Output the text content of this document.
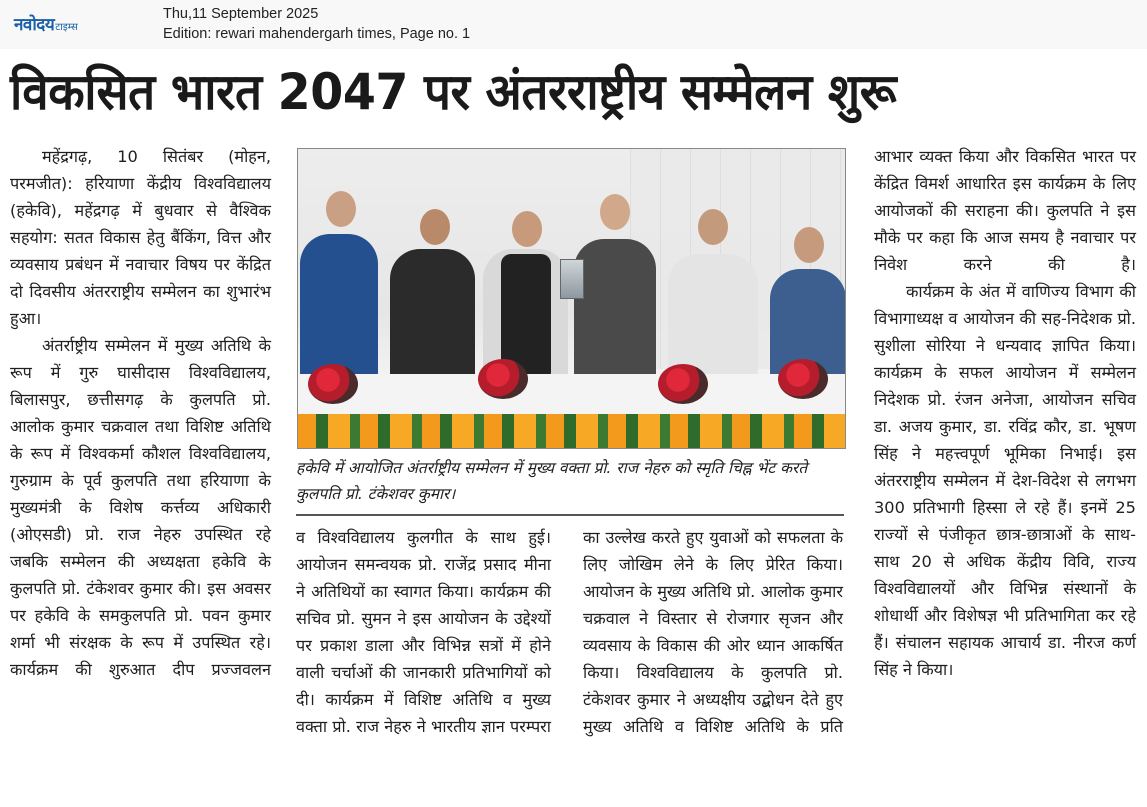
नवोदय टाइम्स
Thu,11 September 2025
Edition: rewari mahendergarh times, Page no. 1
विकसित भारत 2047 पर अंतरराष्ट्रीय सम्मेलन शुरू

महेंद्रगढ़, 10 सितंबर (मोहन, परमजीत): हरियाणा केंद्रीय विश्वविद्यालय (हकेवि), महेंद्रगढ़ में बुधवार से वैश्विक सहयोग: सतत विकास हेतु बैंकिंग, वित्त और व्यवसाय प्रबंधन में नवाचार विषय पर केंद्रित दो दिवसीय अंतरराष्ट्रीय सम्मेलन का शुभारंभ हुआ।

अंतर्राष्ट्रीय सम्मेलन में मुख्य अतिथि के रूप में गुरु घासीदास विश्वविद्यालय, बिलासपुर, छत्तीसगढ़ के कुलपति प्रो. आलोक कुमार चक्रवाल तथा विशिष्ट अतिथि के रूप में विश्वकर्मा कौशल विश्वविद्यालय, गुरुग्राम के पूर्व कुलपति तथा हरियाणा के मुख्यमंत्री के विशेष कर्त्तव्य अधिकारी (ओएसडी) प्रो. राज नेहरु उपस्थित रहे जबकि सम्मेलन की अध्यक्षता हकेवि के कुलपति प्रो. टंकेशवर कुमार की। इस अवसर पर हकेवि के समकुलपति प्रो. पवन कुमार शर्मा भी संरक्षक के रूप में उपस्थित रहे।

कार्यक्रम की शुरुआत दीप प्रज्जवलन

हकेवि में आयोजित अंतर्राष्ट्रीय सम्मेलन में मुख्य वक्ता प्रो. राज नेहरु को स्मृति चिह्न भेंट करते कुलपति प्रो. टंकेशवर कुमार।

व विश्वविद्यालय कुलगीत के साथ हुई। आयोजन समन्वयक प्रो. राजेंद्र प्रसाद मीना ने अतिथियों का स्वागत किया। कार्यक्रम की सचिव प्रो. सुमन ने इस आयोजन के उद्देश्यों पर प्रकाश डाला और विभिन्न सत्रों में होने वाली चर्चाओं की जानकारी प्रतिभागियों को दी। कार्यक्रम में विशिष्ट अतिथि व मुख्य वक्ता प्रो. राज नेहरु ने भारतीय ज्ञान परम्परा

का उल्लेख करते हुए युवाओं को सफलता के लिए जोखिम लेने के लिए प्रेरित किया। आयोजन के मुख्य अतिथि प्रो. आलोक कुमार चक्रवाल ने विस्तार से रोजगार सृजन और व्यवसाय के विकास की ओर ध्यान आकर्षित किया। विश्वविद्यालय के कुलपति प्रो. टंकेशवर कुमार ने अध्यक्षीय उद्बोधन देते हुए मुख्य अतिथि व विशिष्ट अतिथि के प्रति

आभार व्यक्त किया और विकसित भारत पर केंद्रित विमर्श आधारित इस कार्यक्रम के लिए आयोजकों की सराहना की। कुलपति ने इस मौके पर कहा कि आज समय है नवाचार पर निवेश करने की है।

कार्यक्रम के अंत में वाणिज्य विभाग की विभागाध्यक्ष व आयोजन की सह-निदेशक प्रो. सुशीला सोरिया ने धन्यवाद ज्ञापित किया। कार्यक्रम के सफल आयोजन में सम्मेलन निदेशक प्रो. रंजन अनेजा, आयोजन सचिव डा. अजय कुमार, डा. रविंद्र कौर, डा. भूषण सिंह ने महत्त्वपूर्ण भूमिका निभाई। इस अंतरराष्ट्रीय सम्मेलन में देश-विदेश से लगभग 300 प्रतिभागी हिस्सा ले रहे हैं। इनमें 25 राज्यों से पंजीकृत छात्र-छात्राओं के साथ-साथ 20 से अधिक केंद्रीय विवि, राज्य विश्वविद्यालयों और विभिन्न संस्थानों के शोधार्थी और विशेषज्ञ भी प्रतिभागिता कर रहे हैं। संचालन सहायक आचार्य डा. नीरज कर्ण सिंह ने किया।
